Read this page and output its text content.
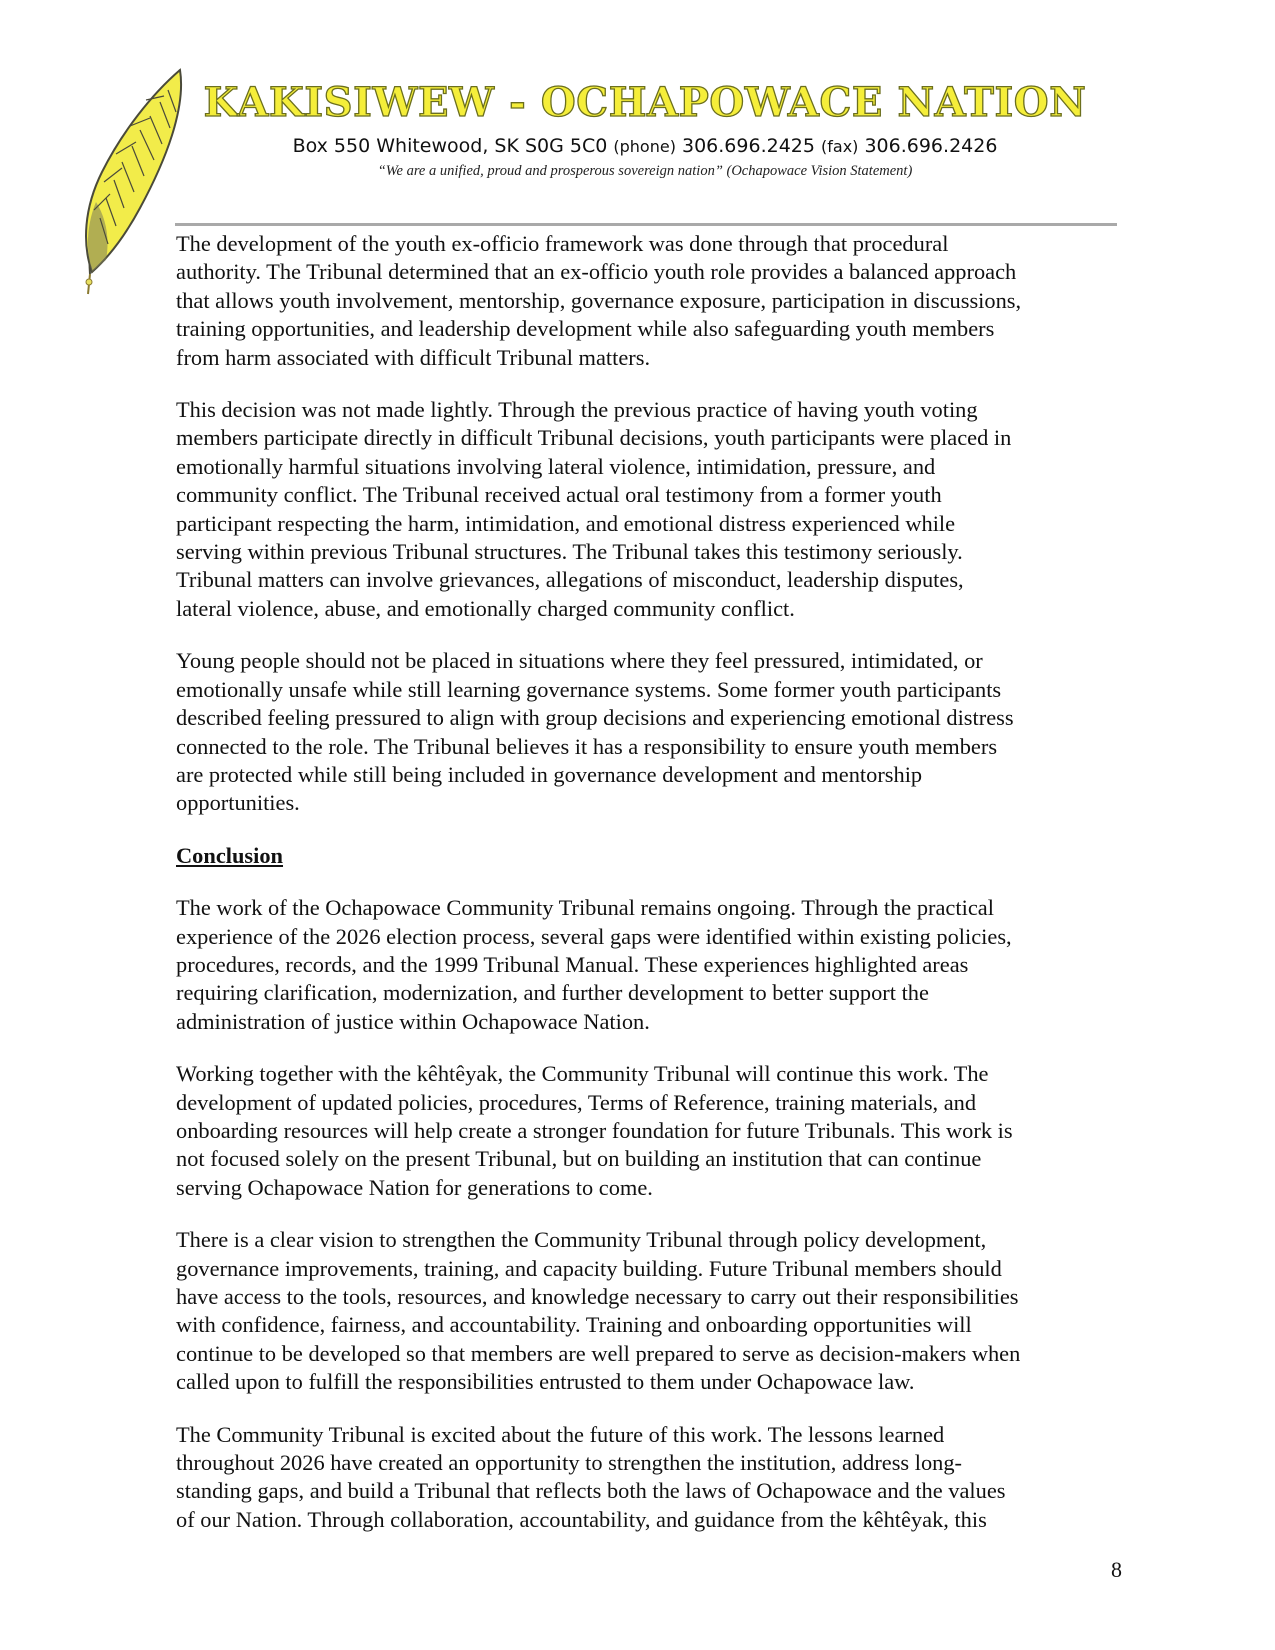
KAKISIWEW - OCHAPOWACE NATION
Box 550 Whitewood, SK S0G 5C0 (phone) 306.696.2425 (fax) 306.696.2426
“We are a unified, proud and prosperous sovereign nation” (Ochapowace Vision Statement)

The development of the youth ex-officio framework was done through that procedural
authority. The Tribunal determined that an ex-officio youth role provides a balanced approach
that allows youth involvement, mentorship, governance exposure, participation in discussions,
training opportunities, and leadership development while also safeguarding youth members
from harm associated with difficult Tribunal matters.

This decision was not made lightly. Through the previous practice of having youth voting
members participate directly in difficult Tribunal decisions, youth participants were placed in
emotionally harmful situations involving lateral violence, intimidation, pressure, and
community conflict. The Tribunal received actual oral testimony from a former youth
participant respecting the harm, intimidation, and emotional distress experienced while
serving within previous Tribunal structures. The Tribunal takes this testimony seriously.
Tribunal matters can involve grievances, allegations of misconduct, leadership disputes,
lateral violence, abuse, and emotionally charged community conflict.

Young people should not be placed in situations where they feel pressured, intimidated, or
emotionally unsafe while still learning governance systems. Some former youth participants
described feeling pressured to align with group decisions and experiencing emotional distress
connected to the role. The Tribunal believes it has a responsibility to ensure youth members
are protected while still being included in governance development and mentorship
opportunities.

Conclusion

The work of the Ochapowace Community Tribunal remains ongoing. Through the practical
experience of the 2026 election process, several gaps were identified within existing policies,
procedures, records, and the 1999 Tribunal Manual. These experiences highlighted areas
requiring clarification, modernization, and further development to better support the
administration of justice within Ochapowace Nation.

Working together with the kêhtêyak, the Community Tribunal will continue this work. The
development of updated policies, procedures, Terms of Reference, training materials, and
onboarding resources will help create a stronger foundation for future Tribunals. This work is
not focused solely on the present Tribunal, but on building an institution that can continue
serving Ochapowace Nation for generations to come.

There is a clear vision to strengthen the Community Tribunal through policy development,
governance improvements, training, and capacity building. Future Tribunal members should
have access to the tools, resources, and knowledge necessary to carry out their responsibilities
with confidence, fairness, and accountability. Training and onboarding opportunities will
continue to be developed so that members are well prepared to serve as decision-makers when
called upon to fulfill the responsibilities entrusted to them under Ochapowace law.

The Community Tribunal is excited about the future of this work. The lessons learned
throughout 2026 have created an opportunity to strengthen the institution, address long-
standing gaps, and build a Tribunal that reflects both the laws of Ochapowace and the values
of our Nation. Through collaboration, accountability, and guidance from the kêhtêyak, this

8
